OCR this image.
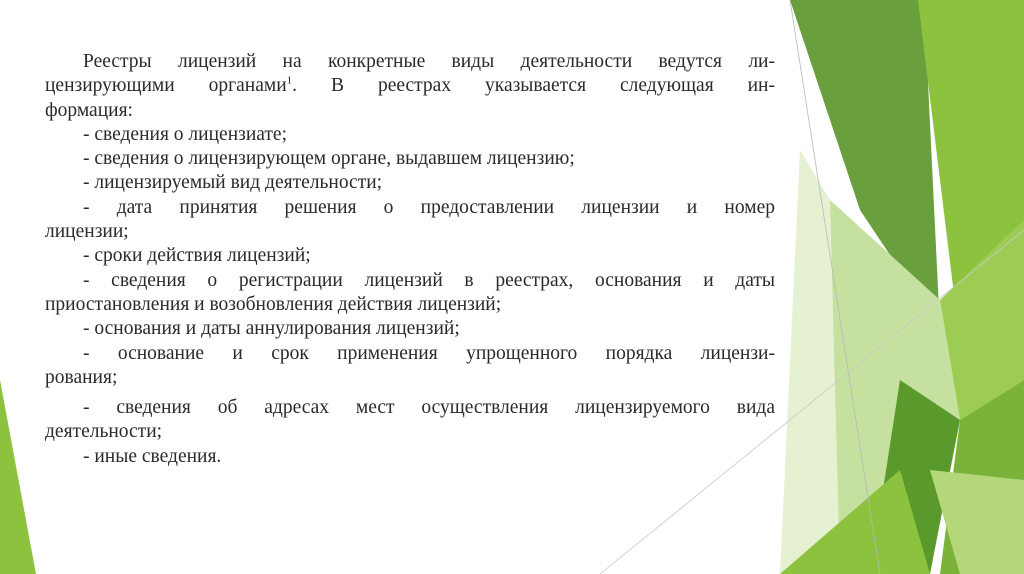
Реестры лицензий на конкретные виды деятельности ведутся ли-
цензирующими органами$^1$. В реестрах указывается следующая ин-
формация:
- сведения о лицензиате;
- сведения о лицензирующем органе, выдавшем лицензию;
- лицензируемый вид деятельности;
- дата принятия решения о предоставлении лицензии и номер
лицензии;
- сроки действия лицензий;
- сведения о регистрации лицензий в реестрах, основания и даты
приостановления и возобновления действия лицензий;
- основания и даты аннулирования лицензий;
- основание и срок применения упрощенного порядка лицензи-
рования;
- сведения об адресах мест осуществления лицензируемого вида
деятельности;
- иные сведения.
